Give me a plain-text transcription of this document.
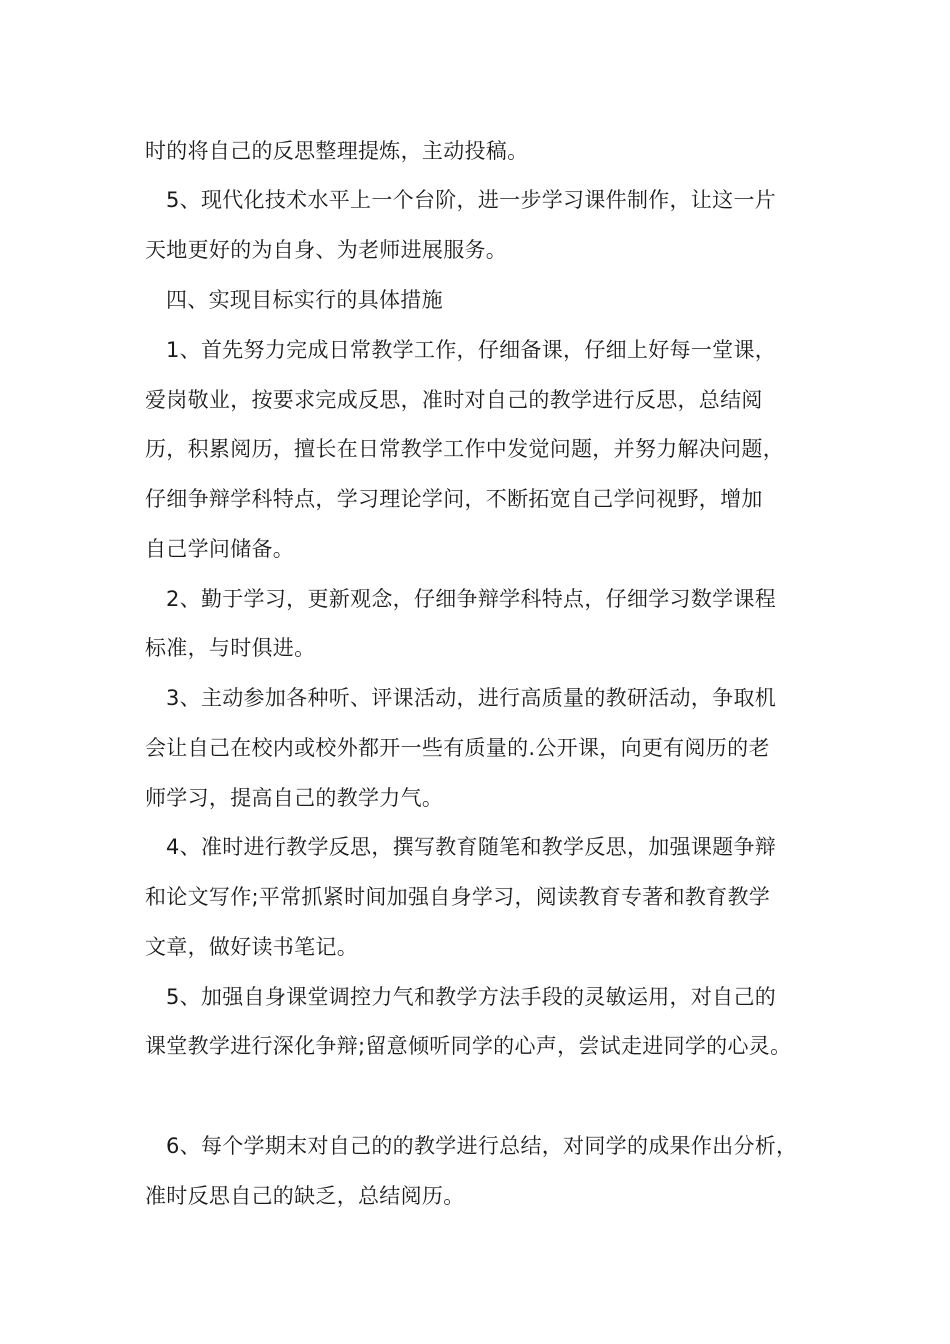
时的将自己的反思整理提炼，主动投稿。
5、现代化技术水平上一个台阶，进一步学习课件制作，让这一片
天地更好的为自身、为老师进展服务。
四、实现目标实行的具体措施
1、首先努力完成日常教学工作，仔细备课，仔细上好每一堂课，
爱岗敬业，按要求完成反思，准时对自己的教学进行反思，总结阅
历，积累阅历，擅长在日常教学工作中发觉问题，并努力解决问题，
仔细争辩学科特点，学习理论学问，不断拓宽自己学问视野，增加
自己学问储备。
2、勤于学习，更新观念，仔细争辩学科特点，仔细学习数学课程
标准，与时俱进。
3、主动参加各种听、评课活动，进行高质量的教研活动，争取机
会让自己在校内或校外都开一些有质量的.公开课，向更有阅历的老
师学习，提高自己的教学力气。
4、准时进行教学反思，撰写教育随笔和教学反思，加强课题争辩
和论文写作;平常抓紧时间加强自身学习，阅读教育专著和教育教学
文章，做好读书笔记。
5、加强自身课堂调控力气和教学方法手段的灵敏运用，对自己的
课堂教学进行深化争辩;留意倾听同学的心声，尝试走进同学的心灵。
6、每个学期末对自己的的教学进行总结，对同学的成果作出分析，
准时反思自己的缺乏，总结阅历。
